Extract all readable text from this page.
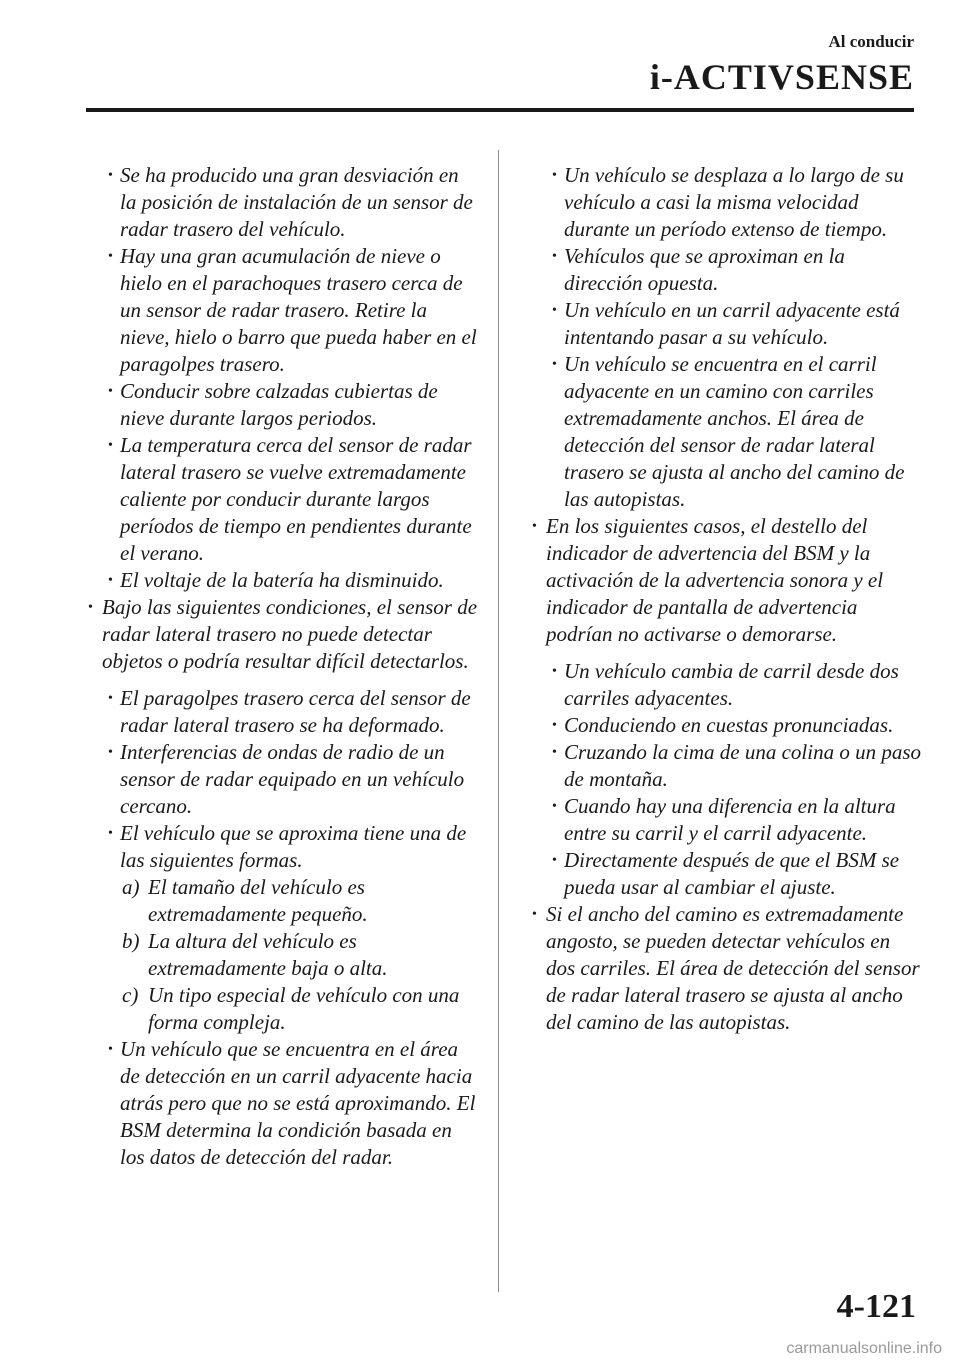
Al conducir
i-ACTIVSENSE
• Se ha producido una gran desviación en la posición de instalación de un sensor de radar trasero del vehículo.
• Hay una gran acumulación de nieve o hielo en el parachoques trasero cerca de un sensor de radar trasero. Retire la nieve, hielo o barro que pueda haber en el paragolpes trasero.
• Conducir sobre calzadas cubiertas de nieve durante largos periodos.
• La temperatura cerca del sensor de radar lateral trasero se vuelve extremadamente caliente por conducir durante largos períodos de tiempo en pendientes durante el verano.
• El voltaje de la batería ha disminuido.
• Bajo las siguientes condiciones, el sensor de radar lateral trasero no puede detectar objetos o podría resultar difícil detectarlos.
• El paragolpes trasero cerca del sensor de radar lateral trasero se ha deformado.
• Interferencias de ondas de radio de un sensor de radar equipado en un vehículo cercano.
• El vehículo que se aproxima tiene una de las siguientes formas.
a) El tamaño del vehículo es extremadamente pequeño.
b) La altura del vehículo es extremadamente baja o alta.
c) Un tipo especial de vehículo con una forma compleja.
• Un vehículo que se encuentra en el área de detección en un carril adyacente hacia atrás pero que no se está aproximando. El BSM determina la condición basada en los datos de detección del radar.
• Un vehículo se desplaza a lo largo de su vehículo a casi la misma velocidad durante un período extenso de tiempo.
• Vehículos que se aproximan en la dirección opuesta.
• Un vehículo en un carril adyacente está intentando pasar a su vehículo.
• Un vehículo se encuentra en el carril adyacente en un camino con carriles extremadamente anchos. El área de detección del sensor de radar lateral trasero se ajusta al ancho del camino de las autopistas.
• En los siguientes casos, el destello del indicador de advertencia del BSM y la activación de la advertencia sonora y el indicador de pantalla de advertencia podrían no activarse o demorarse.
• Un vehículo cambia de carril desde dos carriles adyacentes.
• Conduciendo en cuestas pronunciadas.
• Cruzando la cima de una colina o un paso de montaña.
• Cuando hay una diferencia en la altura entre su carril y el carril adyacente.
• Directamente después de que el BSM se pueda usar al cambiar el ajuste.
• Si el ancho del camino es extremadamente angosto, se pueden detectar vehículos en dos carriles. El área de detección del sensor de radar lateral trasero se ajusta al ancho del camino de las autopistas.
4-121
carmanualsonline.info
